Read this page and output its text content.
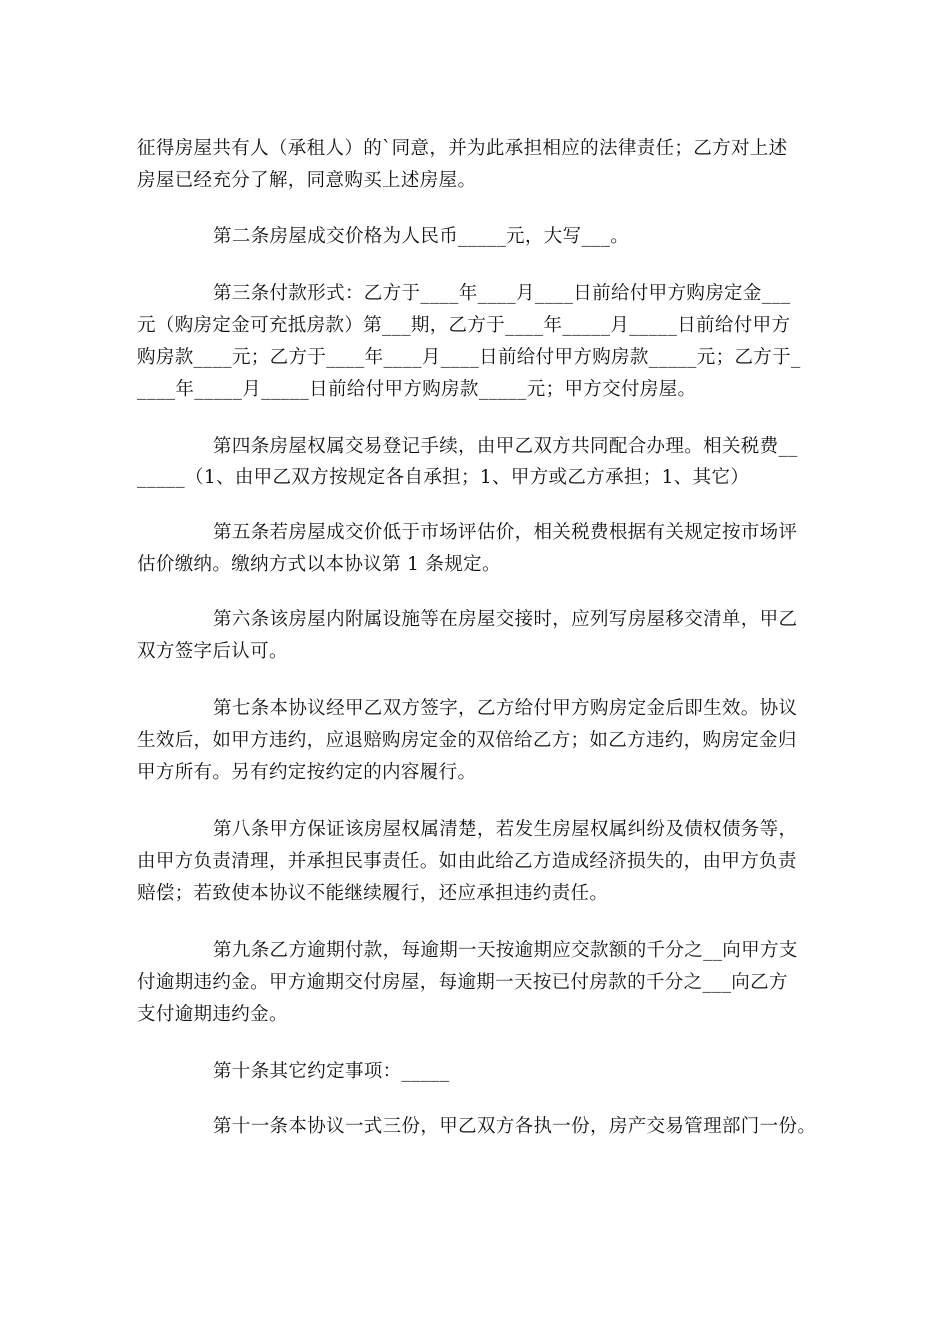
征得房屋共有人（承租人）的`同意，并为此承担相应的法律责任；乙方对上述
房屋已经充分了解，同意购买上述房屋。
第二条房屋成交价格为人民币_____元，大写___。
第三条付款形式：乙方于____年____月____日前给付甲方购房定金___
元（购房定金可充抵房款）第___期，乙方于____年_____月_____日前给付甲方
购房款____元；乙方于____年____月____日前给付甲方购房款_____元；乙方于_
____年_____月_____日前给付甲方购房款_____元；甲方交付房屋。
第四条房屋权属交易登记手续，由甲乙双方共同配合办理。相关税费__
_____（1、由甲乙双方按规定各自承担；1、甲方或乙方承担；1、其它）
第五条若房屋成交价低于市场评估价，相关税费根据有关规定按市场评
估价缴纳。缴纳方式以本协议第 1 条规定。
第六条该房屋内附属设施等在房屋交接时，应列写房屋移交清单，甲乙
双方签字后认可。
第七条本协议经甲乙双方签字，乙方给付甲方购房定金后即生效。协议
生效后，如甲方违约，应退赔购房定金的双倍给乙方；如乙方违约，购房定金归
甲方所有。另有约定按约定的内容履行。
第八条甲方保证该房屋权属清楚，若发生房屋权属纠纷及债权债务等，
由甲方负责清理，并承担民事责任。如由此给乙方造成经济损失的，由甲方负责
赔偿；若致使本协议不能继续履行，还应承担违约责任。
第九条乙方逾期付款，每逾期一天按逾期应交款额的千分之__向甲方支
付逾期违约金。甲方逾期交付房屋，每逾期一天按已付房款的千分之___向乙方
支付逾期违约金。
第十条其它约定事项：_____
第十一条本协议一式三份，甲乙双方各执一份，房产交易管理部门一份。
